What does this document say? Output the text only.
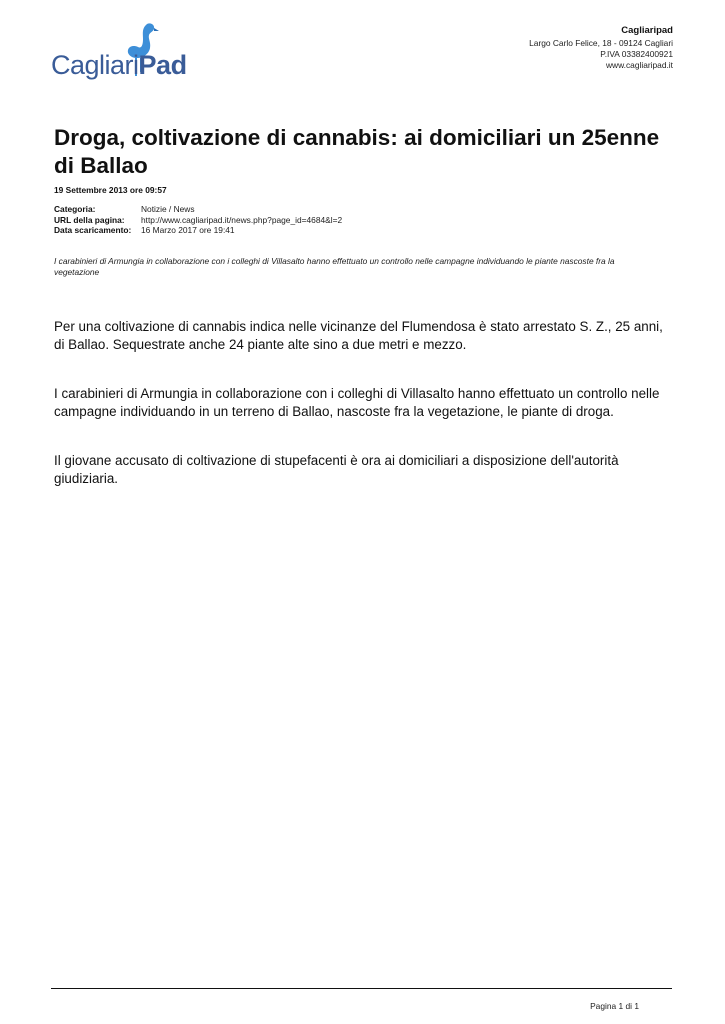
CagliariPad
Cagliaripad
Largo Carlo Felice, 18 - 09124 Cagliari
P.IVA 03382400921
www.cagliaripad.it
Droga, coltivazione di cannabis: ai domiciliari un 25enne di Ballao
19 Settembre 2013 ore 09:57
Categoria:	Notizie / News
URL della pagina:	http://www.cagliaripad.it/news.php?page_id=4684&l=2
Data scaricamento:	16 Marzo 2017 ore 19:41
I carabinieri di Armungia in collaborazione con i colleghi di Villasalto hanno effettuato un controllo nelle campagne individuando le piante nascoste fra la vegetazione

Per una coltivazione di cannabis indica nelle vicinanze del Flumendosa è stato arrestato S. Z., 25 anni, di Ballao. Sequestrate anche 24 piante alte sino a due metri e mezzo.

I carabinieri di Armungia in collaborazione con i colleghi di Villasalto hanno effettuato un controllo nelle campagne individuando in un terreno di Ballao, nascoste fra la vegetazione, le piante di droga.

Il giovane accusato di coltivazione di stupefacenti è ora ai domiciliari a disposizione dell'autorità giudiziaria.

Pagina 1 di 1
